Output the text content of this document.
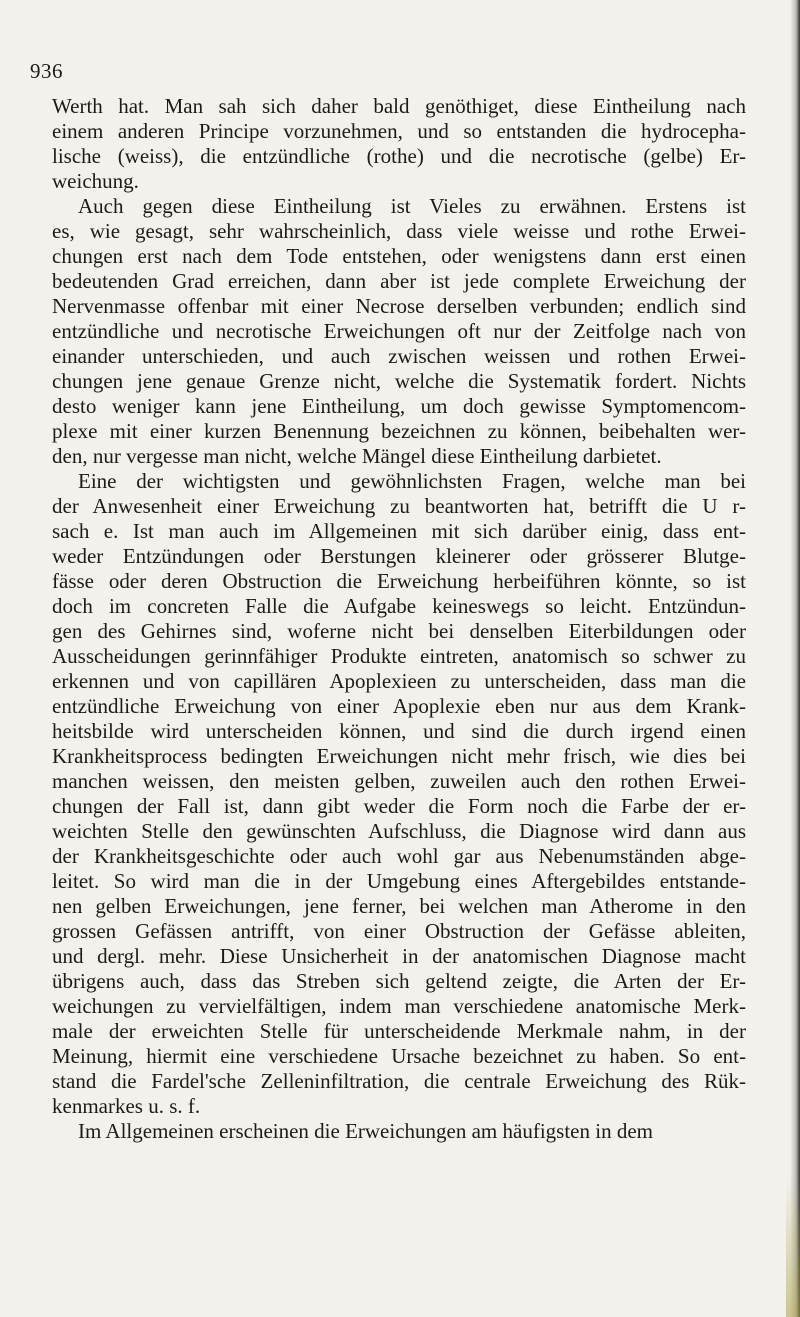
936
Werth hat. Man sah sich daher bald genöthiget, diese Eintheilung nach
einem anderen Principe vorzunehmen, und so entstanden die hydrocepha-
lische (weiss), die entzündliche (rothe) und die necrotische (gelbe) Er-
weichung.
Auch gegen diese Eintheilung ist Vieles zu erwähnen. Erstens ist
es, wie gesagt, sehr wahrscheinlich, dass viele weisse und rothe Erwei-
chungen erst nach dem Tode entstehen, oder wenigstens dann erst einen
bedeutenden Grad erreichen, dann aber ist jede complete Erweichung der
Nervenmasse offenbar mit einer Necrose derselben verbunden; endlich sind
entzündliche und necrotische Erweichungen oft nur der Zeitfolge nach von
einander unterschieden, und auch zwischen weissen und rothen Erwei-
chungen jene genaue Grenze nicht, welche die Systematik fordert. Nichts
desto weniger kann jene Eintheilung, um doch gewisse Symptomencom-
plexe mit einer kurzen Benennung bezeichnen zu können, beibehalten wer-
den, nur vergesse man nicht, welche Mängel diese Eintheilung darbietet.
Eine der wichtigsten und gewöhnlichsten Fragen, welche man bei
der Anwesenheit einer Erweichung zu beantworten hat, betrifft die U r-
sach e. Ist man auch im Allgemeinen mit sich darüber einig, dass ent-
weder Entzündungen oder Berstungen kleinerer oder grösserer Blutge-
fässe oder deren Obstruction die Erweichung herbeiführen könnte, so ist
doch im concreten Falle die Aufgabe keineswegs so leicht. Entzündun-
gen des Gehirnes sind, woferne nicht bei denselben Eiterbildungen oder
Ausscheidungen gerinnfähiger Produkte eintreten, anatomisch so schwer zu
erkennen und von capillären Apoplexieen zu unterscheiden, dass man die
entzündliche Erweichung von einer Apoplexie eben nur aus dem Krank-
heitsbilde wird unterscheiden können, und sind die durch irgend einen
Krankheitsprocess bedingten Erweichungen nicht mehr frisch, wie dies bei
manchen weissen, den meisten gelben, zuweilen auch den rothen Erwei-
chungen der Fall ist, dann gibt weder die Form noch die Farbe der er-
weichten Stelle den gewünschten Aufschluss, die Diagnose wird dann aus
der Krankheitsgeschichte oder auch wohl gar aus Nebenumständen abge-
leitet. So wird man die in der Umgebung eines Aftergebildes entstande-
nen gelben Erweichungen, jene ferner, bei welchen man Atherome in den
grossen Gefässen antrifft, von einer Obstruction der Gefässe ableiten,
und dergl. mehr. Diese Unsicherheit in der anatomischen Diagnose macht
übrigens auch, dass das Streben sich geltend zeigte, die Arten der Er-
weichungen zu vervielfältigen, indem man verschiedene anatomische Merk-
male der erweichten Stelle für unterscheidende Merkmale nahm, in der
Meinung, hiermit eine verschiedene Ursache bezeichnet zu haben. So ent-
stand die Fardel'sche Zelleninfiltration, die centrale Erweichung des Rük-
kenmarkes u. s. f.
Im Allgemeinen erscheinen die Erweichungen am häufigsten in dem
